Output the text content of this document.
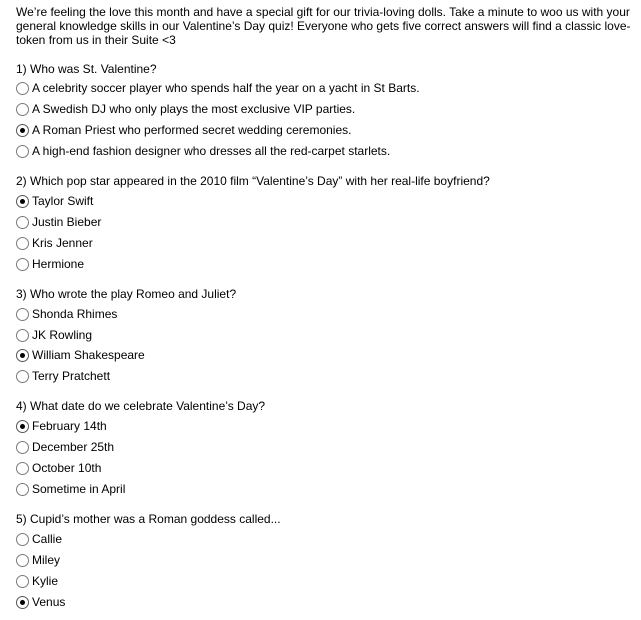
We’re feeling the love this month and have a special gift for our trivia-loving dolls. Take a minute to woo us with your general knowledge skills in our Valentine’s Day quiz! Everyone who gets five correct answers will find a classic love-token from us in their Suite <3

1) Who was St. Valentine?

A celebrity soccer player who spends half the year on a yacht in St Barts.
A Swedish DJ who only plays the most exclusive VIP parties.
A Roman Priest who performed secret wedding ceremonies.
A high-end fashion designer who dresses all the red-carpet starlets.

2) Which pop star appeared in the 2010 film “Valentine’s Day” with her real-life boyfriend?

Taylor Swift
Justin Bieber
Kris Jenner
Hermione

3) Who wrote the play Romeo and Juliet?

Shonda Rhimes
JK Rowling
William Shakespeare
Terry Pratchett

4) What date do we celebrate Valentine’s Day?

February 14th
December 25th
October 10th
Sometime in April

5) Cupid’s mother was a Roman goddess called...

Callie
Miley
Kylie
Venus
